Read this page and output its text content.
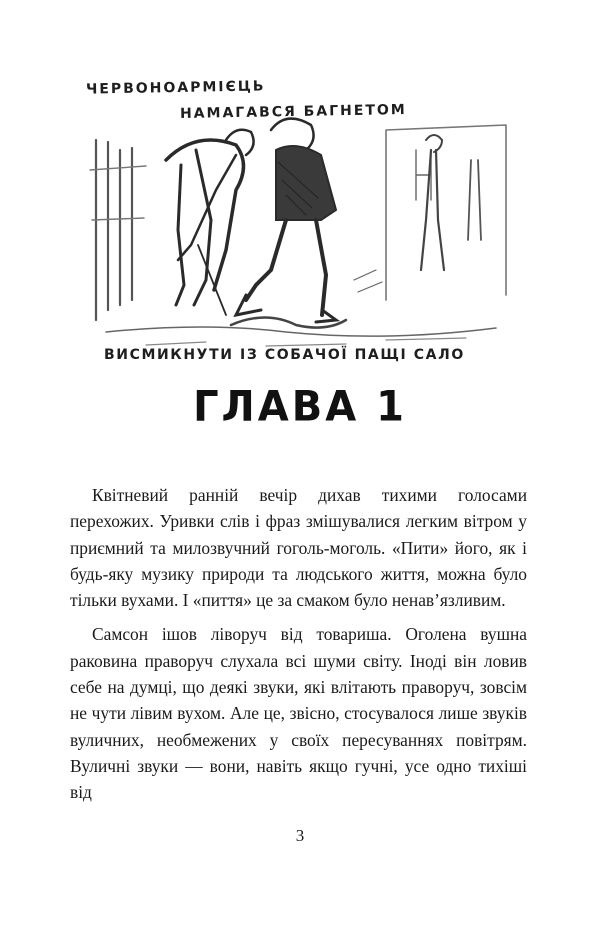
ЧЕРВОНОАРМІЄЦЬ
НАМАГАВСЯ БАГНЕТОМ
ВИСМИКНУТИ ІЗ СОБАЧОЇ ПАЩІ САЛО
ГЛАВА 1

Квітневий ранній вечір дихав тихими голосами перехожих. Уривки слів і фраз змішувалися легким вітром у приємний та милозвучний гоголь-моголь. «Пити» його, як і будь-яку музику природи та людського життя, можна було тільки вухами. І «пиття» це за смаком було ненав’язливим.

Самсон ішов ліворуч від товариша. Оголена вушна раковина праворуч слухала всі шуми світу. Іноді він ловив себе на думці, що деякі звуки, які влітають праворуч, зовсім не чути лівим вухом. Але це, звісно, стосувалося лише звуків вуличних, необмежених у своїх пересуваннях повітрям. Вуличні звуки — вони, навіть якщо гучні, усе одно тихіші від

3
